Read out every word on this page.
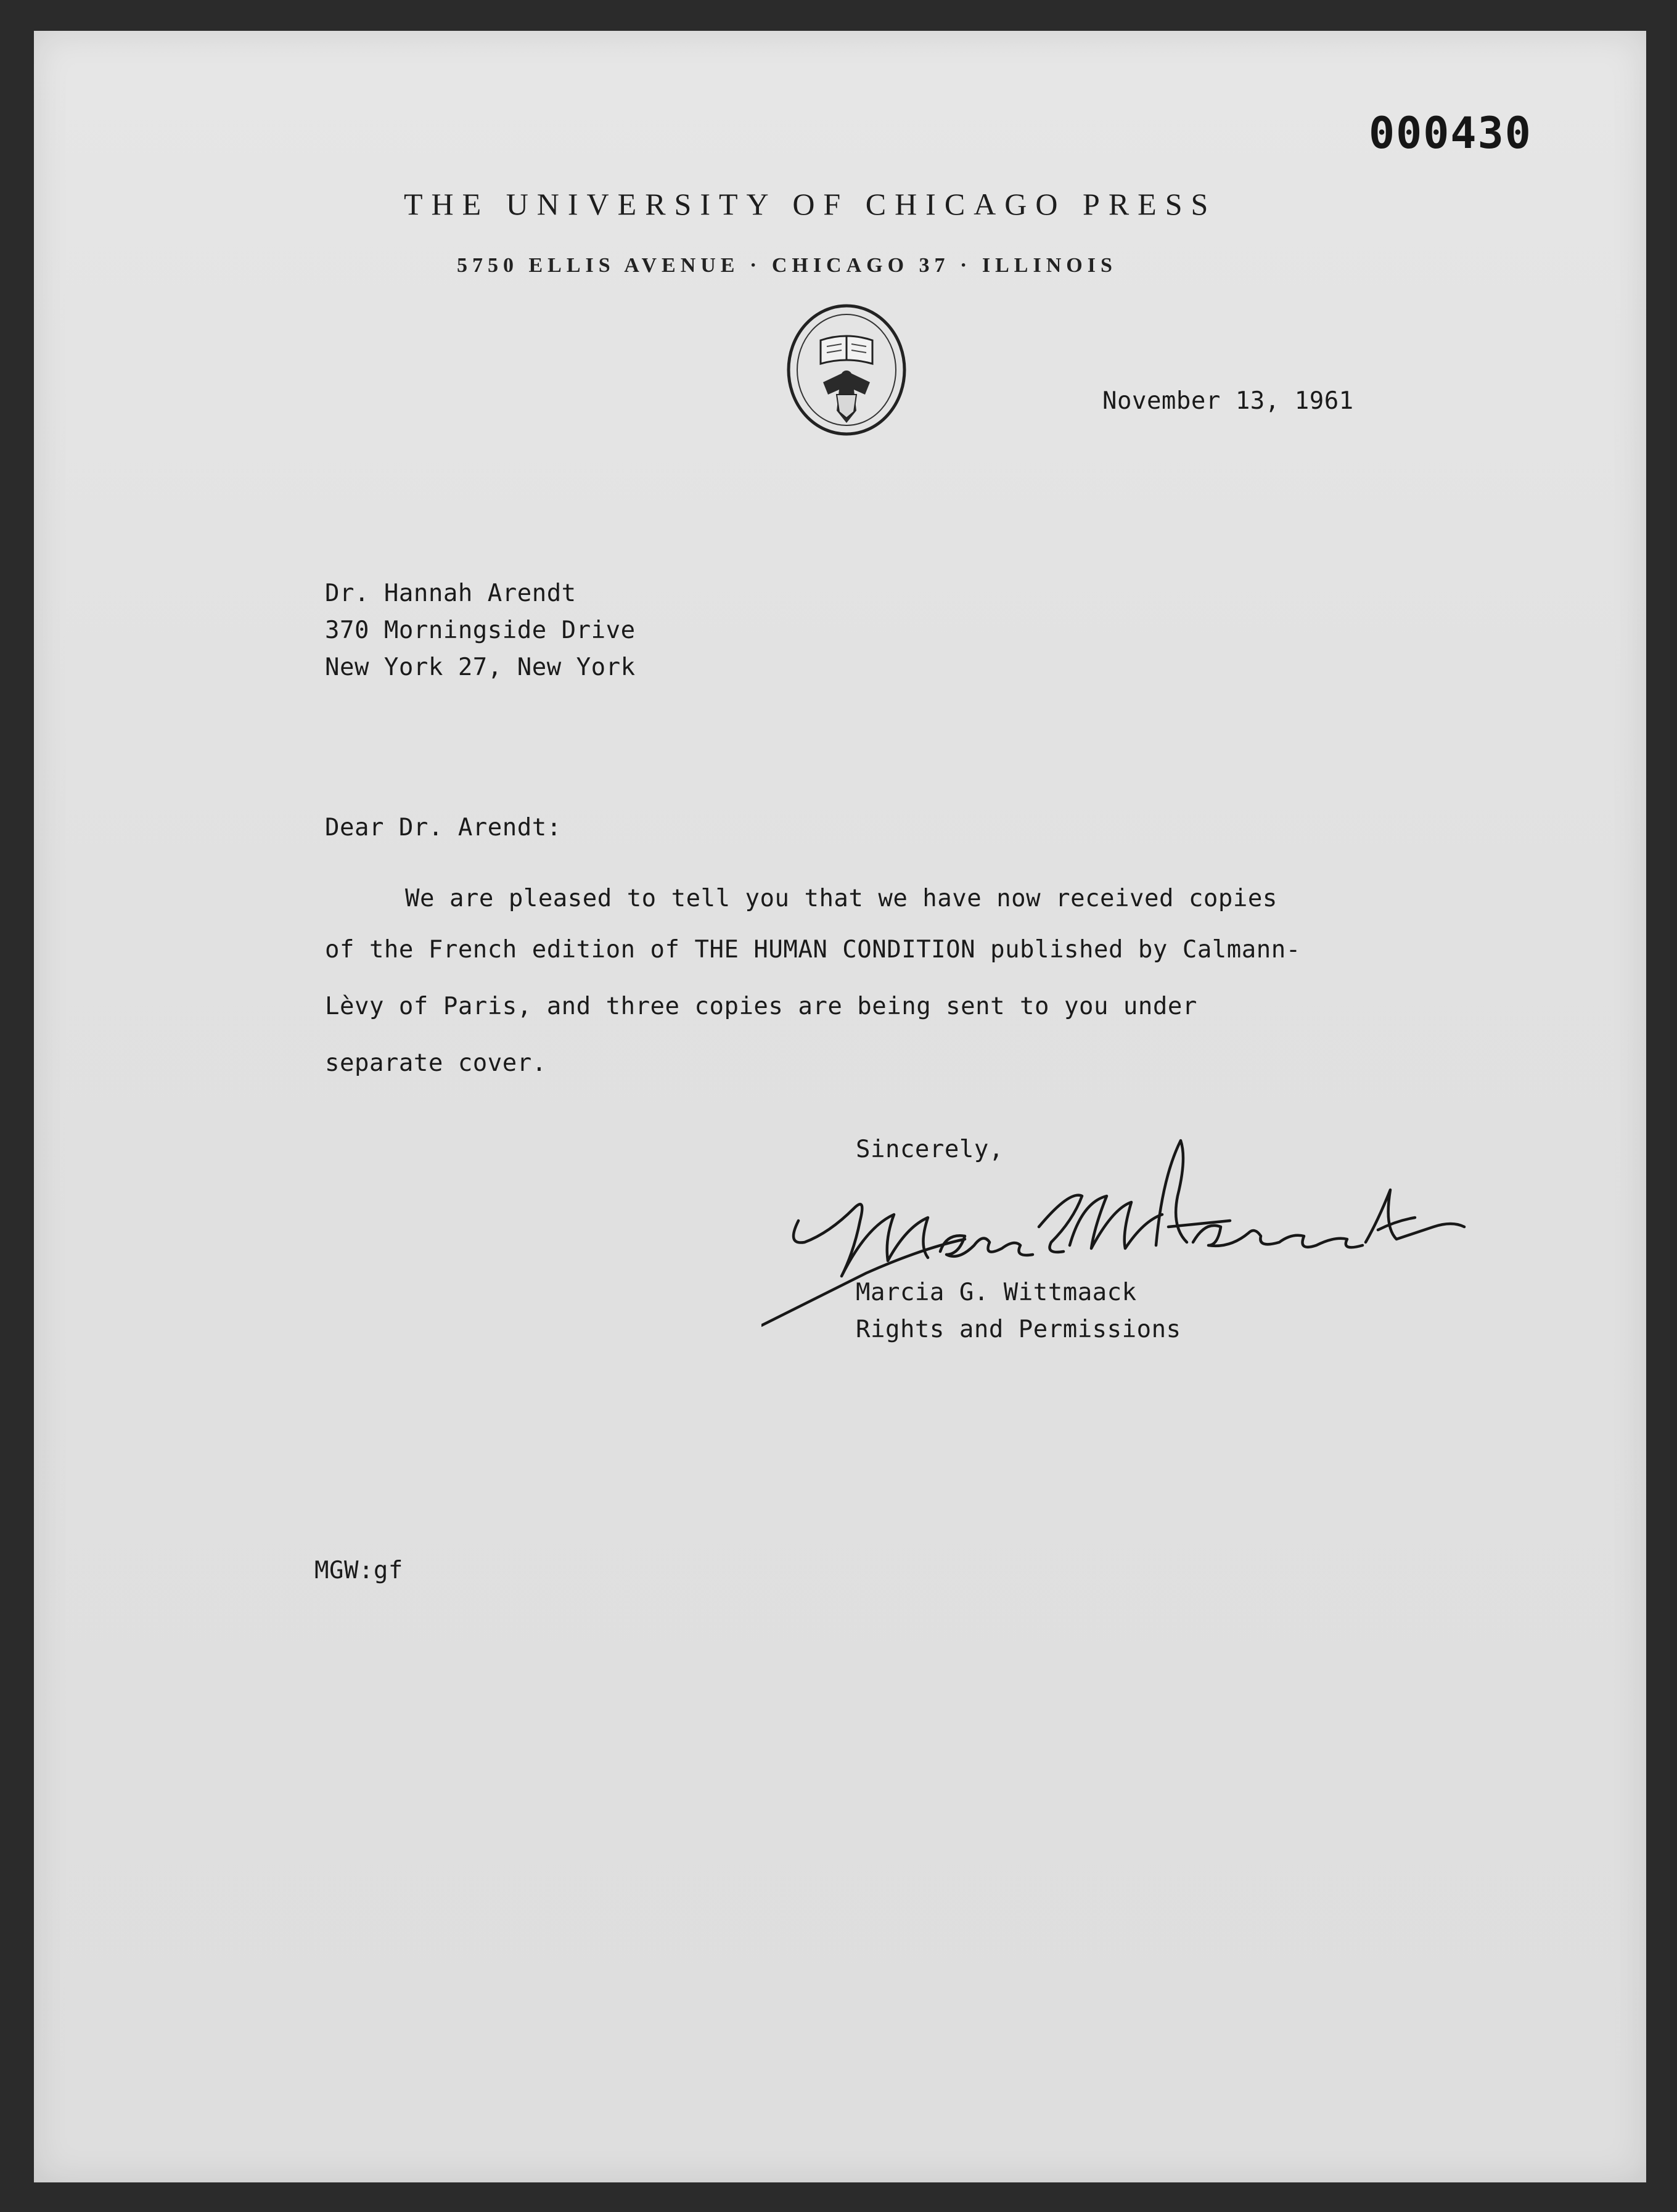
000430
THE UNIVERSITY OF CHICAGO PRESS
5750 ELLIS AVENUE · CHICAGO 37 · ILLINOIS
November 13, 1961
Dr. Hannah Arendt
370 Morningside Drive
New York 27, New York
Dear Dr. Arendt:
We are pleased to tell you that we have now received copies
of the French edition of THE HUMAN CONDITION published by Calmann-
Lèvy of Paris, and three copies are being sent to you under
separate cover.
Sincerely,
Marcia G. Wittmaack
Rights and Permissions
MGW:gf
